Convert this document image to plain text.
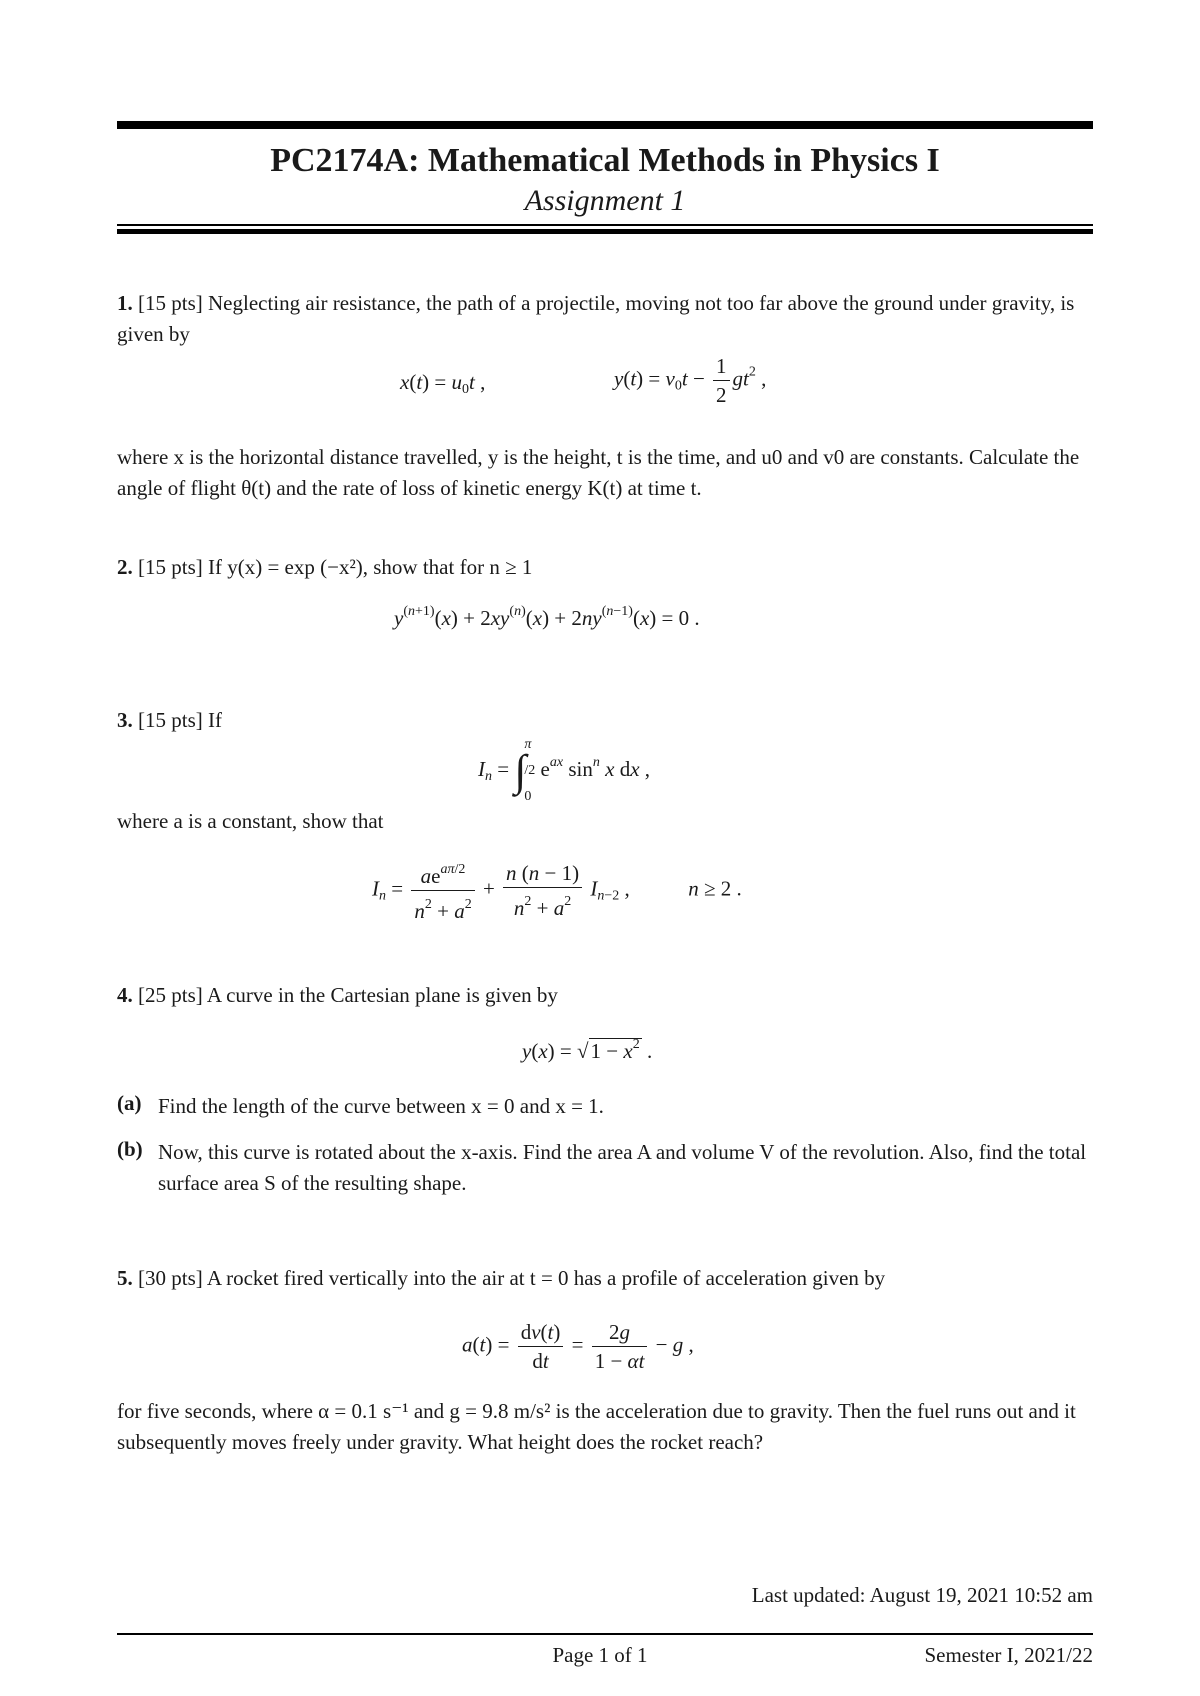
PC2174A: Mathematical Methods in Physics I
Assignment 1
1. [15 pts] Neglecting air resistance, the path of a projectile, moving not too far above the ground under gravity, is given by
$x(t) = u_0t$ ,	$y(t) = v_0t - \frac{1}{2} gt^2$ ,
where x is the horizontal distance travelled, y is the height, t is the time, and u0 and v0 are constants. Calculate the angle of flight θ(t) and the rate of loss of kinetic energy K(t) at time t.
2. [15 pts] If y(x) = exp (−x²), show that for n ≥ 1
$y^{(n+1)}(x) + 2xy^{(n)}(x) + 2ny^{(n-1)}(x) = 0$ .
3. [15 pts] If
$I_n$ = ∫
π
/2
0
$e^{ax}$ $\sin^n x$ dx ,
where a is a constant, show that
$I_n = \frac{ae^{a\pi/2}}{n^2 + a^2} + \frac{n (n - 1)}{n^2 + a^2} I_{n-2}$ ,	n ≥ 2 .
4. [25 pts] A curve in the Cartesian plane is given by
$y(x) = √1 - x^2$ .
(a) Find the length of the curve between x = 0 and x = 1.
(b) Now, this curve is rotated about the x-axis. Find the area A and volume V of the revolution. Also, find the total surface area S of the resulting shape.
5. [30 pts] A rocket fired vertically into the air at t = 0 has a profile of acceleration given by
$a(t) = \frac{dv(t)}{dt} = \frac{2g}{1 - \alpha t} - g$ ,
for five seconds, where α = 0.1 s⁻¹ and g = 9.8 m/s² is the acceleration due to gravity. Then the fuel runs out and it subsequently moves freely under gravity. What height does the rocket reach?
Last updated: August 19, 2021 10:52 am
Page 1 of 1	Semester I, 2021/22
